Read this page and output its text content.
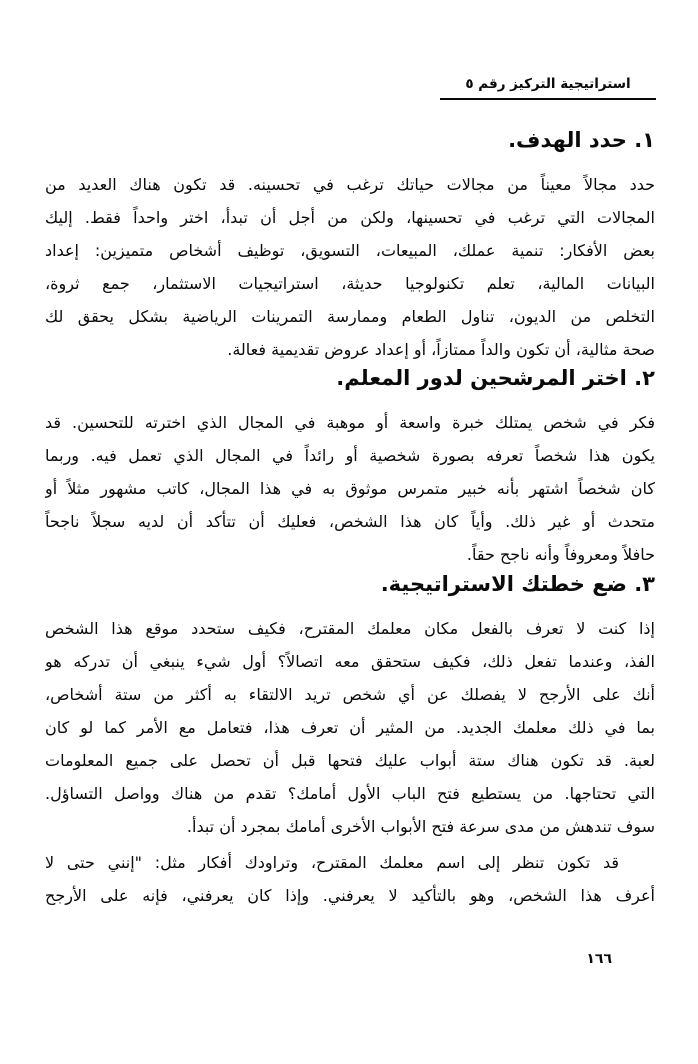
استراتيجية التركيز رقم ٥
١. حدد الهدف.
حدد مجالاً معيناً من مجالات حياتك ترغب في تحسينه. قد تكون هناك العديد من
المجالات التي ترغب في تحسينها، ولكن من أجل أن تبدأ، اختر واحداً فقط. إليك
بعض الأفكار: تنمية عملك، المبيعات، التسويق، توظيف أشخاص متميزين: إعداد
البيانات المالية، تعلم تكنولوجيا حديثة، استراتيجيات الاستثمار، جمع ثروة،
التخلص من الديون، تناول الطعام وممارسة التمرينات الرياضية بشكل يحقق لك
صحة مثالية، أن تكون والداً ممتازاً، أو إعداد عروض تقديمية فعالة.
٢. اختر المرشحين لدور المعلم.
فكر في شخص يمتلك خبرة واسعة أو موهبة في المجال الذي اخترته للتحسين. قد
يكون هذا شخصاً تعرفه بصورة شخصية أو رائداً في المجال الذي تعمل فيه. وربما
كان شخصاً اشتهر بأنه خبير متمرس موثوق به في هذا المجال، كاتب مشهور مثلاً أو
متحدث أو غير ذلك. وأياً كان هذا الشخص، فعليك أن تتأكد أن لديه سجلاً ناجحاً
حافلاً ومعروفاً وأنه ناجح حقاً.
٣. ضع خطتك الاستراتيجية.
إذا كنت لا تعرف بالفعل مكان معلمك المقترح، فكيف ستحدد موقع هذا الشخص
الفذ، وعندما تفعل ذلك، فكيف ستحقق معه اتصالاً؟ أول شيء ينبغي أن تدركه هو
أنك على الأرجح لا يفصلك عن أي شخص تريد الالتقاء به أكثر من ستة أشخاص،
بما في ذلك معلمك الجديد. من المثير أن تعرف هذا، فتعامل مع الأمر كما لو كان
لعبة. قد تكون هناك ستة أبواب عليك فتحها قبل أن تحصل على جميع المعلومات
التي تحتاجها. من يستطيع فتح الباب الأول أمامك؟ تقدم من هناك وواصل التساؤل.
سوف تندهش من مدى سرعة فتح الأبواب الأخرى أمامك بمجرد أن تبدأ.
قد تكون تنظر إلى اسم معلمك المقترح، وتراودك أفكار مثل: "إنني حتى لا
أعرف هذا الشخص، وهو بالتأكيد لا يعرفني. وإذا كان يعرفني، فإنه على الأرجح
١٦٦
